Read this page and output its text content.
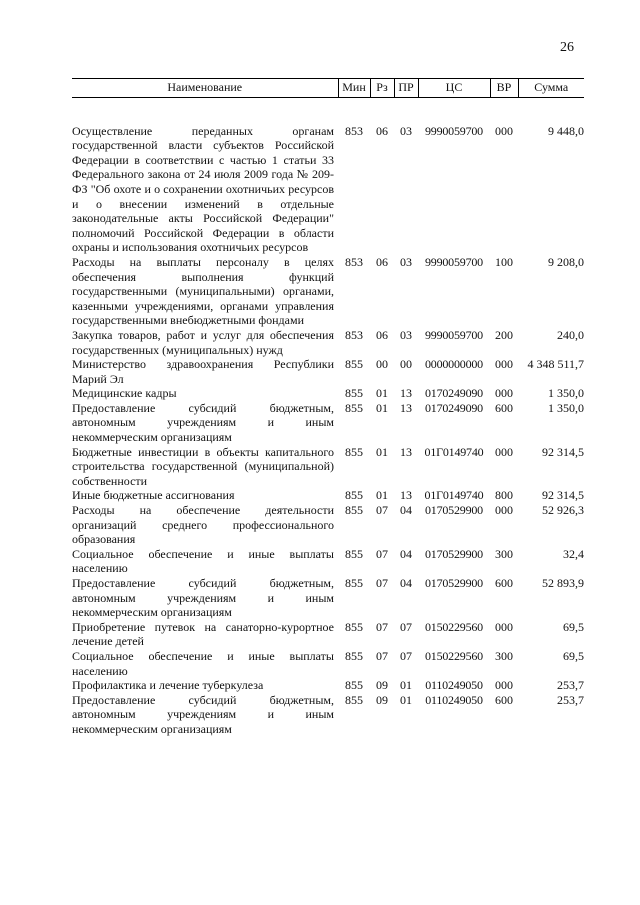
26
Наименование	Мин	Рз	ПР	ЦС	ВР	Сумма
Осуществление переданных органам государственной власти субъектов Российской Федерации в соответствии с частью 1 статьи 33 Федерального закона от 24 июля 2009 года № 209-ФЗ "Об охоте и о сохранении охотничьих ресурсов и о внесении изменений в отдельные законодательные акты Российской Федерации" полномочий Российской Федерации в области охраны и использования охотничьих ресурсов	853	06	03	9990059700	000	9 448,0
Расходы на выплаты персоналу в целях обеспечения выполнения функций государственными (муниципальными) органами, казенными учреждениями, органами управления государственными внебюджетными фондами	853	06	03	9990059700	100	9 208,0
Закупка товаров, работ и услуг для обеспечения государственных (муниципальных) нужд	853	06	03	9990059700	200	240,0
Министерство здравоохранения Республики Марий Эл	855	00	00	0000000000	000	4 348 511,7
Медицинские кадры	855	01	13	0170249090	000	1 350,0
Предоставление субсидий бюджетным, автономным учреждениям и иным некоммерческим организациям	855	01	13	0170249090	600	1 350,0
Бюджетные инвестиции в объекты капитального строительства государственной (муниципальной) собственности	855	01	13	01Г0149740	000	92 314,5
Иные бюджетные ассигнования	855	01	13	01Г0149740	800	92 314,5
Расходы на обеспечение деятельности организаций среднего профессионального образования	855	07	04	0170529900	000	52 926,3
Социальное обеспечение и иные выплаты населению	855	07	04	0170529900	300	32,4
Предоставление субсидий бюджетным, автономным учреждениям и иным некоммерческим организациям	855	07	04	0170529900	600	52 893,9
Приобретение путевок на санаторно-курортное лечение детей	855	07	07	0150229560	000	69,5
Социальное обеспечение и иные выплаты населению	855	07	07	0150229560	300	69,5
Профилактика и лечение туберкулеза	855	09	01	0110249050	000	253,7
Предоставление субсидий бюджетным, автономным учреждениям и иным некоммерческим организациям	855	09	01	0110249050	600	253,7
